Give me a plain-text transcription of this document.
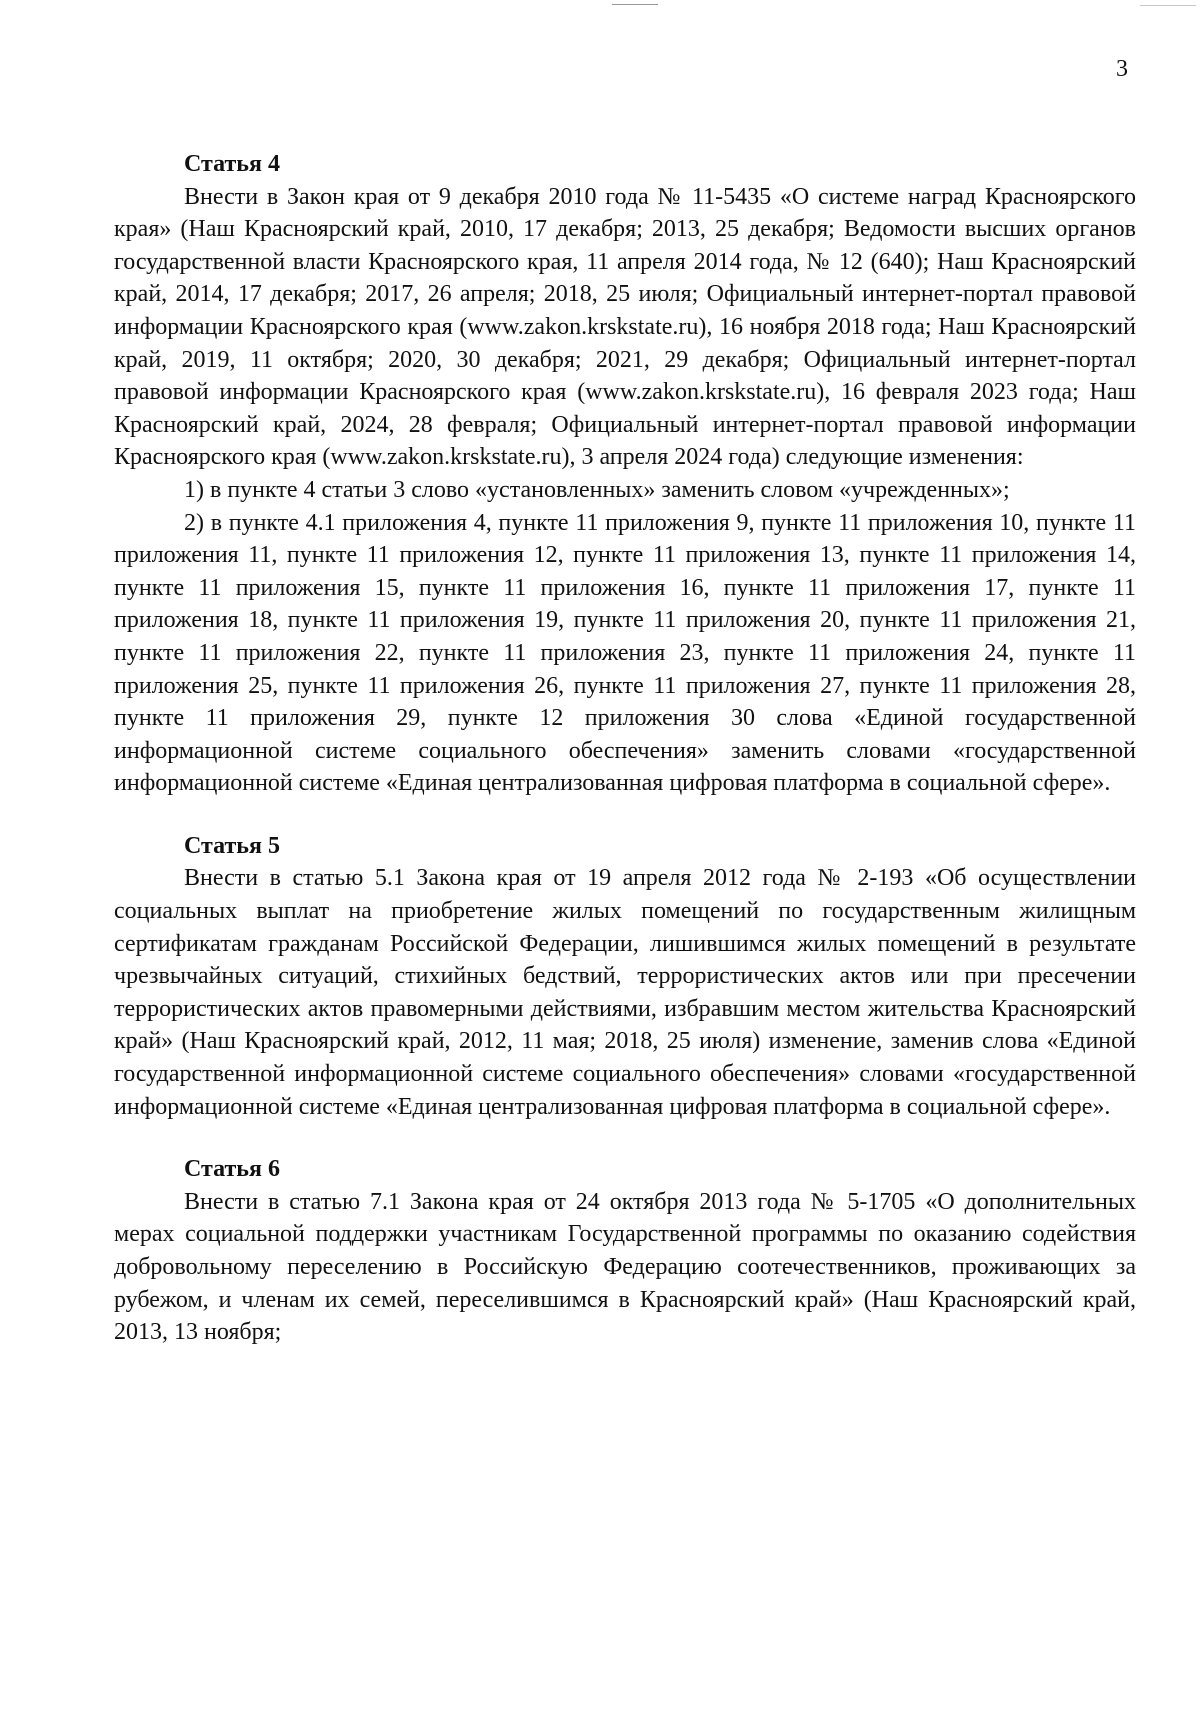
3
Статья 4

Внести в Закон края от 9 декабря 2010 года № 11-5435 «О системе наград Красноярского края» (Наш Красноярский край, 2010, 17 декабря; 2013, 25 декабря; Ведомости высших органов государственной власти Красноярского края, 11 апреля 2014 года, № 12 (640); Наш Красноярский край, 2014, 17 декабря; 2017, 26 апреля; 2018, 25 июля; Официальный интернет-портал правовой информации Красноярского края (www.zakon.krskstate.ru), 16 ноября 2018 года; Наш Красноярский край, 2019, 11 октября; 2020, 30 декабря; 2021, 29 декабря; Официальный интернет-портал правовой информации Красноярского края (www.zakon.krskstate.ru), 16 февраля 2023 года; Наш Красноярский край, 2024, 28 февраля; Официальный интернет-портал правовой информации Красноярского края (www.zakon.krskstate.ru), 3 апреля 2024 года) следующие изменения:

1) в пункте 4 статьи 3 слово «установленных» заменить словом «учрежденных»;

2) в пункте 4.1 приложения 4, пункте 11 приложения 9, пункте 11 приложения 10, пункте 11 приложения 11, пункте 11 приложения 12, пункте 11 приложения 13, пункте 11 приложения 14, пункте 11 приложения 15, пункте 11 приложения 16, пункте 11 приложения 17, пункте 11 приложения 18, пункте 11 приложения 19, пункте 11 приложения 20, пункте 11 приложения 21, пункте 11 приложения 22, пункте 11 приложения 23, пункте 11 приложения 24, пункте 11 приложения 25, пункте 11 приложения 26, пункте 11 приложения 27, пункте 11 приложения 28, пункте 11 приложения 29, пункте 12 приложения 30 слова «Единой государственной информационной системе социального обеспечения» заменить словами «государственной информационной системе «Единая централизованная цифровая платформа в социальной сфере».

Статья 5

Внести в статью 5.1 Закона края от 19 апреля 2012 года № 2-193 «Об осуществлении социальных выплат на приобретение жилых помещений по государственным жилищным сертификатам гражданам Российской Федерации, лишившимся жилых помещений в результате чрезвычайных ситуаций, стихийных бедствий, террористических актов или при пресечении террористических актов правомерными действиями, избравшим местом жительства Красноярский край» (Наш Красноярский край, 2012, 11 мая; 2018, 25 июля) изменение, заменив слова «Единой государственной информационной системе социального обеспечения» словами «государственной информационной системе «Единая централизованная цифровая платформа в социальной сфере».

Статья 6

Внести в статью 7.1 Закона края от 24 октября 2013 года № 5-1705 «О дополнительных мерах социальной поддержки участникам Государственной программы по оказанию содействия добровольному переселению в Российскую Федерацию соотечественников, проживающих за рубежом, и членам их семей, переселившимся в Красноярский край» (Наш Красноярский край, 2013, 13 ноября;
